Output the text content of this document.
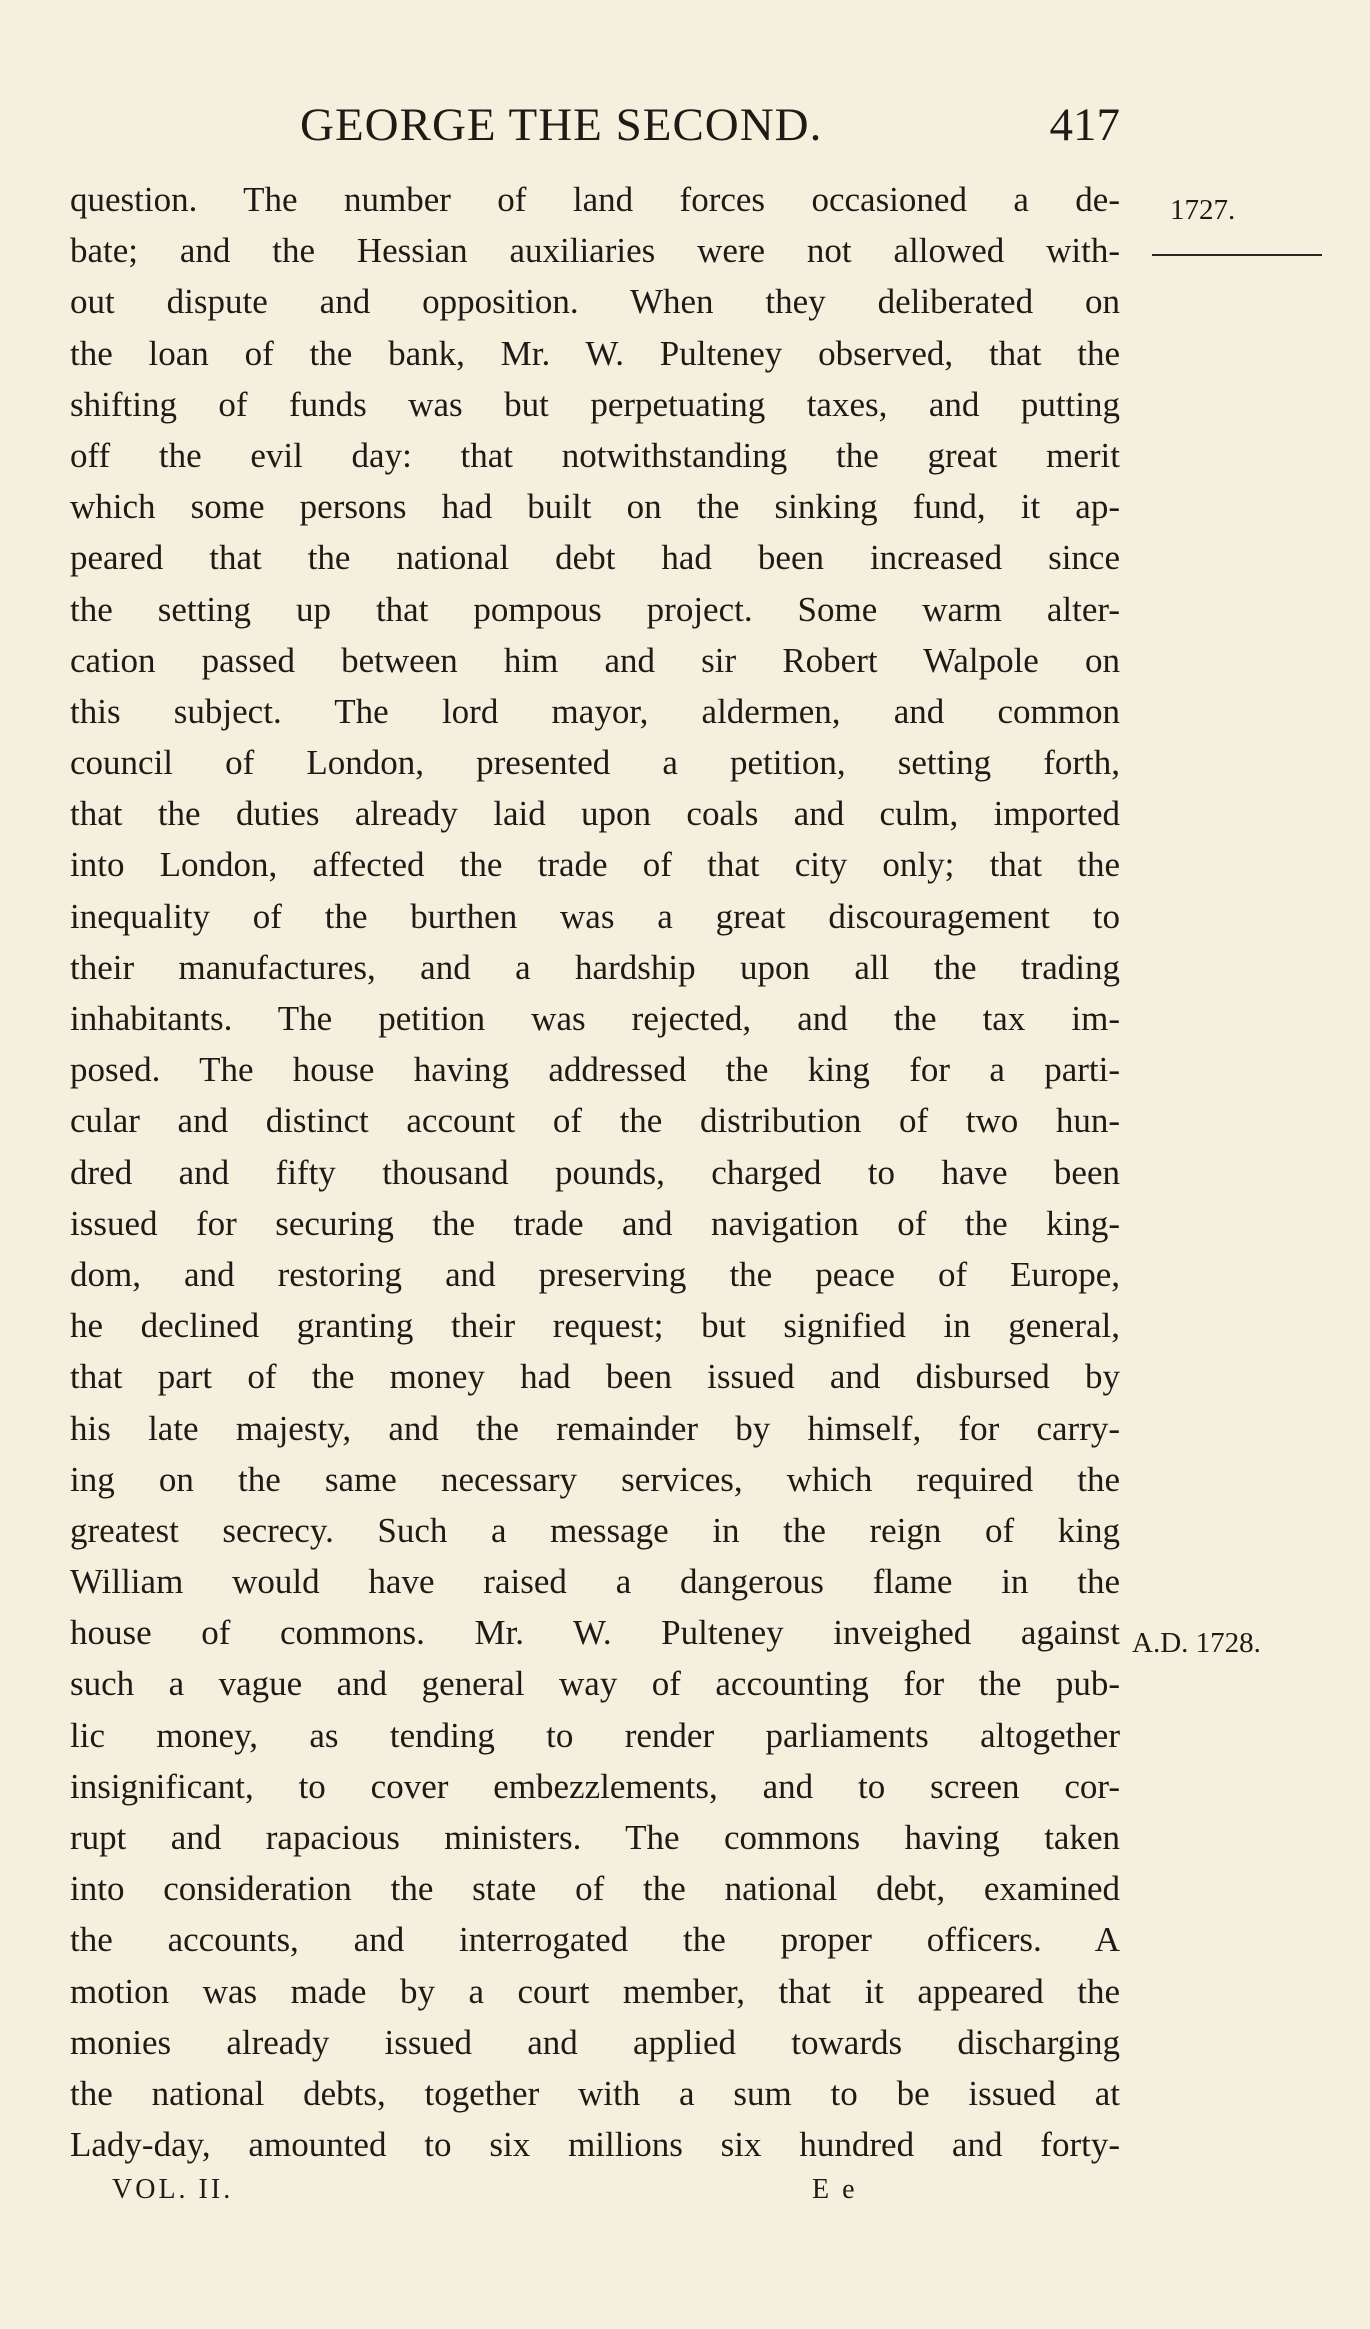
GEORGE THE SECOND.	417
1727.
A.D. 1728.
question. The number of land forces occasioned a de-
bate; and the Hessian auxiliaries were not allowed with-
out dispute and opposition. When they deliberated on
the loan of the bank, Mr. W. Pulteney observed, that the
shifting of funds was but perpetuating taxes, and putting
off the evil day: that notwithstanding the great merit
which some persons had built on the sinking fund, it ap-
peared that the national debt had been increased since
the setting up that pompous project. Some warm alter-
cation passed between him and sir Robert Walpole on
this subject. The lord mayor, aldermen, and common
council of London, presented a petition, setting forth,
that the duties already laid upon coals and culm, imported
into London, affected the trade of that city only; that the
inequality of the burthen was a great discouragement to
their manufactures, and a hardship upon all the trading
inhabitants. The petition was rejected, and the tax im-
posed. The house having addressed the king for a parti-
cular and distinct account of the distribution of two hun-
dred and fifty thousand pounds, charged to have been
issued for securing the trade and navigation of the king-
dom, and restoring and preserving the peace of Europe,
he declined granting their request; but signified in general,
that part of the money had been issued and disbursed by
his late majesty, and the remainder by himself, for carry-
ing on the same necessary services, which required the
greatest secrecy. Such a message in the reign of king
William would have raised a dangerous flame in the
house of commons. Mr. W. Pulteney inveighed against
such a vague and general way of accounting for the pub-
lic money, as tending to render parliaments altogether
insignificant, to cover embezzlements, and to screen cor-
rupt and rapacious ministers. The commons having taken
into consideration the state of the national debt, examined
the accounts, and interrogated the proper officers. A
motion was made by a court member, that it appeared the
monies already issued and applied towards discharging
the national debts, together with a sum to be issued at
Lady-day, amounted to six millions six hundred and forty-
VOL. II.	E e
